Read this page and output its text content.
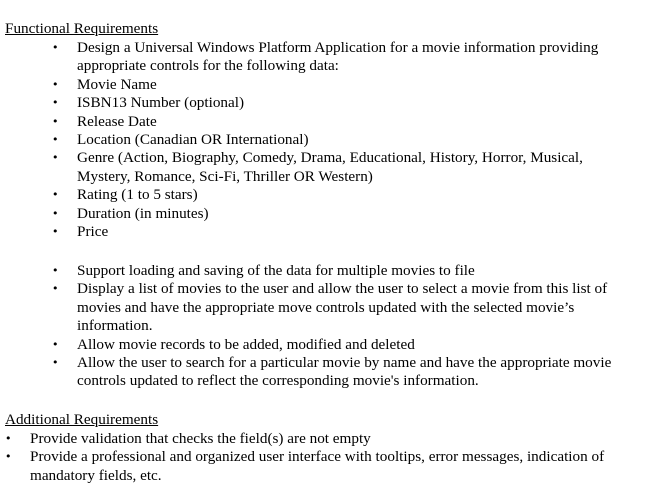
Functional Requirements
•	Design a Universal Windows Platform Application for a movie information providing appropriate controls for the following data:
•	Movie Name
•	ISBN13 Number (optional)
•	Release Date
•	Location (Canadian OR International)
•	Genre (Action, Biography, Comedy, Drama, Educational, History, Horror, Musical, Mystery, Romance, Sci-Fi, Thriller OR Western)
•	Rating (1 to 5 stars)
•	Duration (in minutes)
•	Price
•	Support loading and saving of the data for multiple movies to file
•	Display a list of movies to the user and allow the user to select a movie from this list of movies and have the appropriate move controls updated with the selected movie’s information.
•	Allow movie records to be added, modified and deleted
•	Allow the user to search for a particular movie by name and have the appropriate movie controls updated to reflect the corresponding movie's information.
Additional Requirements
•	Provide validation that checks the field(s) are not empty
•	Provide a professional and organized user interface with tooltips, error messages, indication of mandatory fields, etc.
